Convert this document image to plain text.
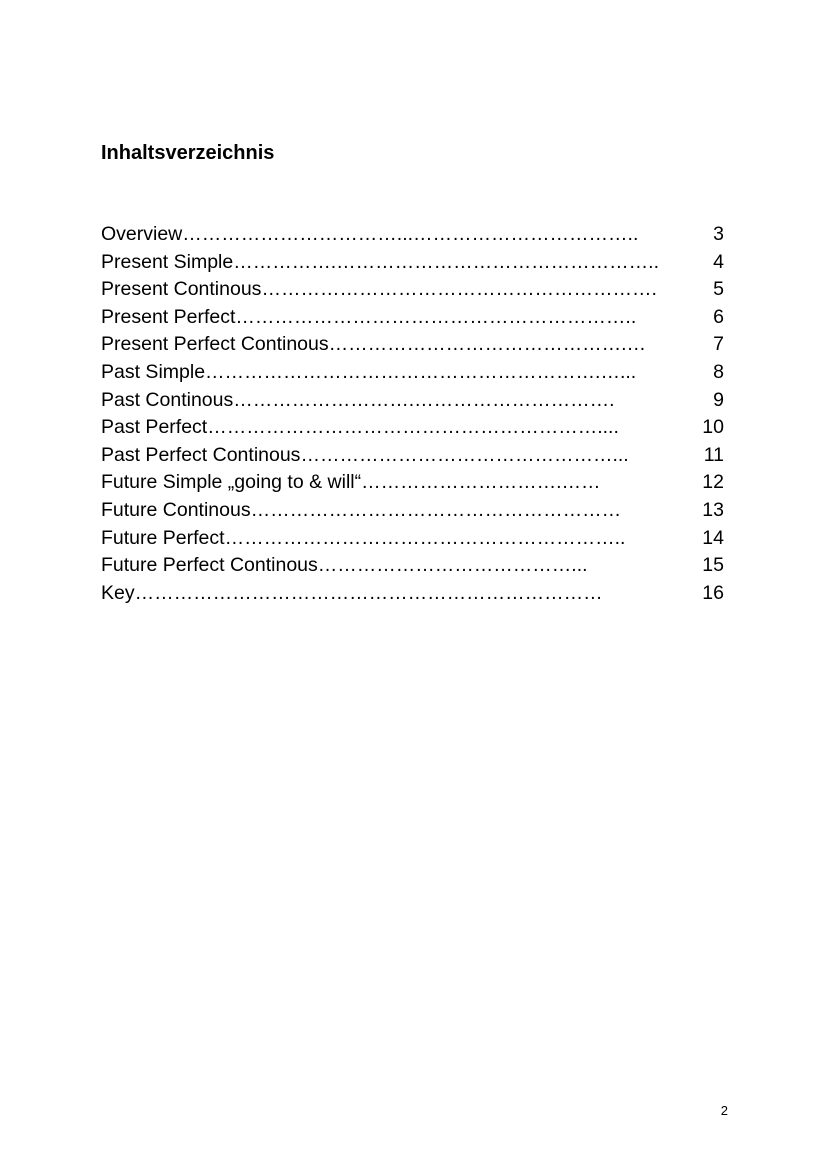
Inhaltsverzeichnis
Overview……………………………...……………………………..	3
Present Simple…………….…………………………………………..	4
Present Continous…………………………………………………….	5
Present Perfect……………………………………………………..	6
Present Perfect Continous……………………………………….…	7
Past Simple…………………………………………………….…...	8
Past Continous……………………….………………………….	9
Past Perfect……………………………………………………....	10
Past Perfect Continous…………………………………………...	11
Future Simple „going to & will“………………………….……	12
Future Continous…………………………………………………	13
Future Perfect……………………………………………………..	14
Future Perfect Continous…………………………………...	15
Key………………………………………………………………	16
2
